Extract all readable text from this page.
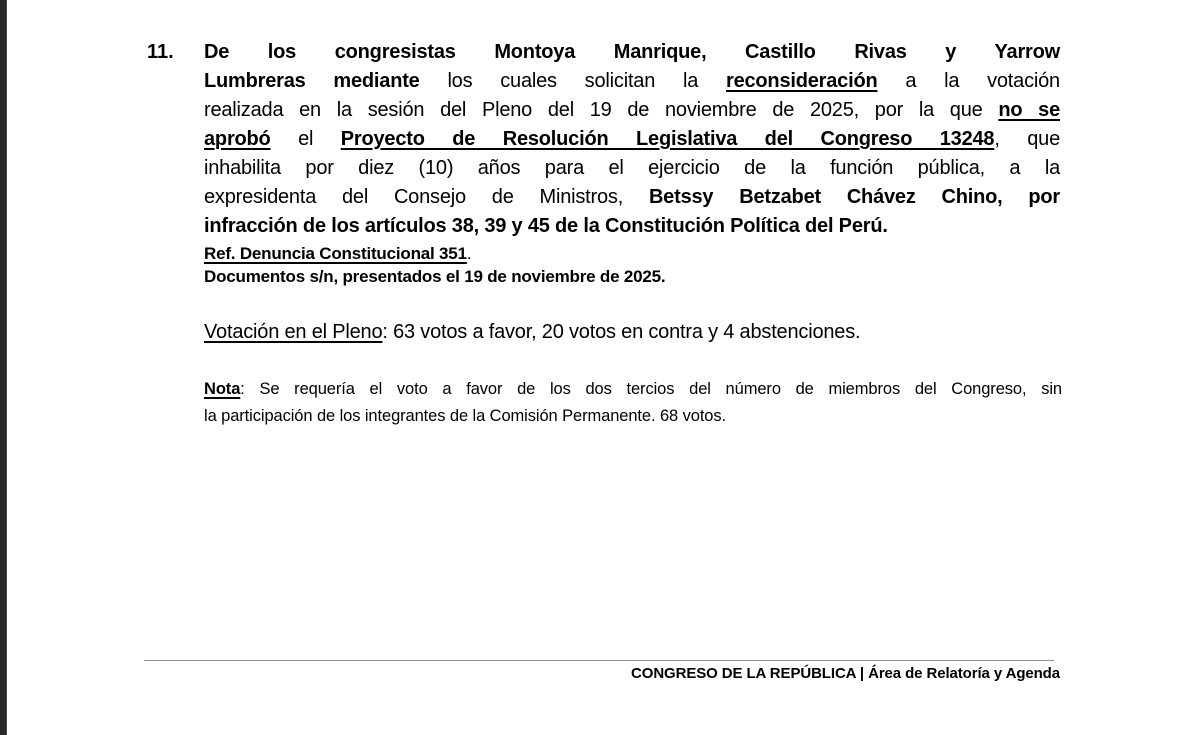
11. De los congresistas Montoya Manrique, Castillo Rivas y Yarrow
Lumbreras mediante los cuales solicitan la reconsideración a la votación
realizada en la sesión del Pleno del 19 de noviembre de 2025, por la que no se
aprobó el Proyecto de Resolución Legislativa del Congreso 13248, que
inhabilita por diez (10) años para el ejercicio de la función pública, a la
expresidenta del Consejo de Ministros, Betssy Betzabet Chávez Chino, por
infracción de los artículos 38, 39 y 45 de la Constitución Política del Perú.
Ref. Denuncia Constitucional 351.
Documentos s/n, presentados el 19 de noviembre de 2025.
Votación en el Pleno: 63 votos a favor, 20 votos en contra y 4 abstenciones.
Nota: Se requería el voto a favor de los dos tercios del número de miembros del Congreso, sin
la participación de los integrantes de la Comisión Permanente. 68 votos.
CONGRESO DE LA REPÚBLICA | Área de Relatoría y Agenda
